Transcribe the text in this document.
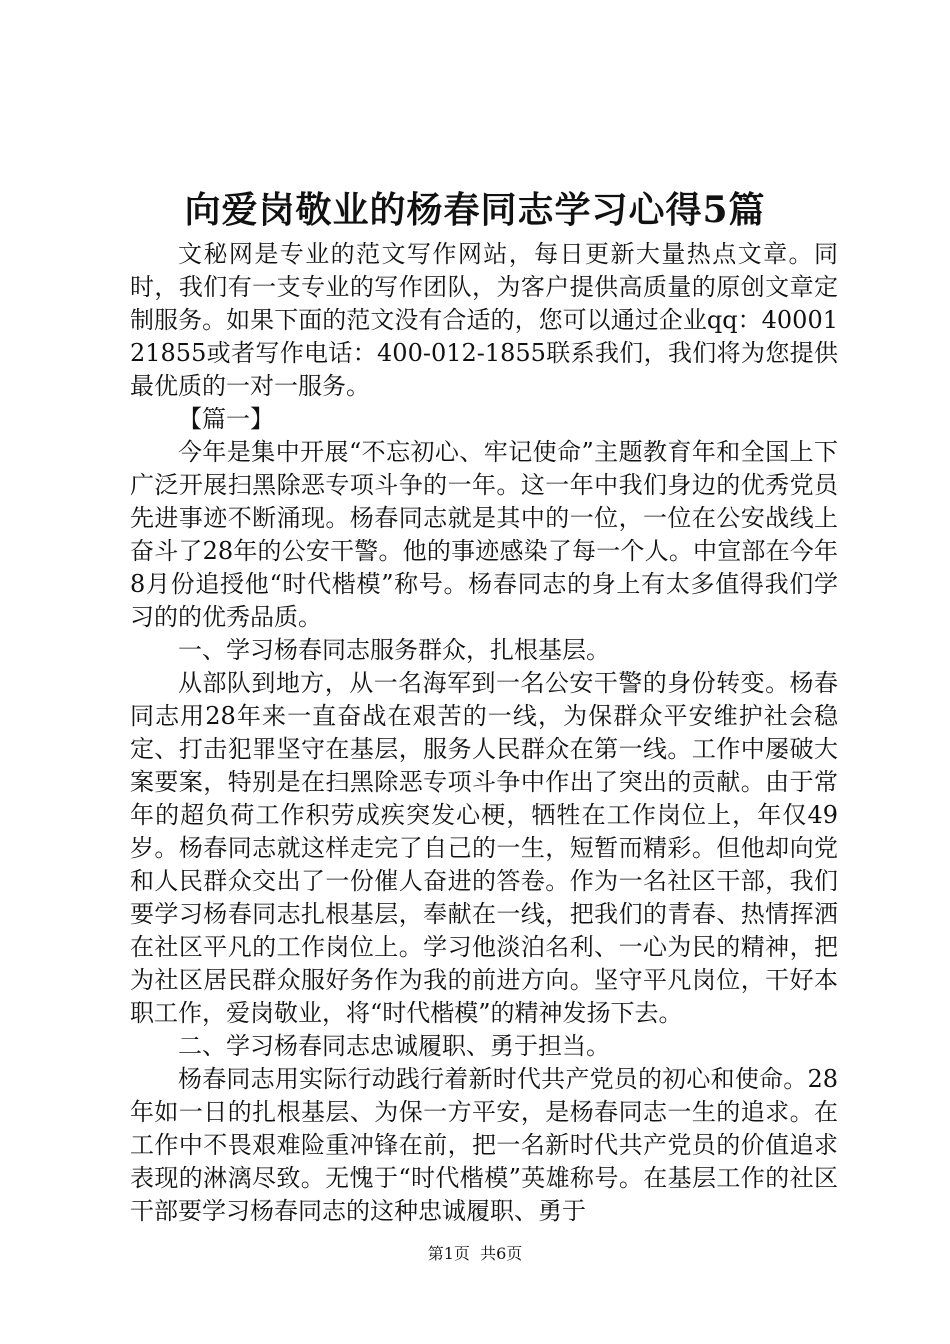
向爱岗敬业的杨春同志学习心得5篇

文秘网是专业的范文写作网站，每日更新大量热点文章。同时，我们有一支专业的写作团队，为客户提供高质量的原创文章定制服务。如果下面的范文没有合适的，您可以通过企业qq：4000121855或者写作电话：400-012-1855联系我们，我们将为您提供最优质的一对一服务。

【篇一】

今年是集中开展“不忘初心、牢记使命”主题教育年和全国上下广泛开展扫黑除恶专项斗争的一年。这一年中我们身边的优秀党员先进事迹不断涌现。杨春同志就是其中的一位，一位在公安战线上奋斗了28年的公安干警。他的事迹感染了每一个人。中宣部在今年8月份追授他“时代楷模”称号。杨春同志的身上有太多值得我们学习的的优秀品质。

一、学习杨春同志服务群众，扎根基层。

从部队到地方，从一名海军到一名公安干警的身份转变。杨春同志用28年来一直奋战在艰苦的一线，为保群众平安维护社会稳定、打击犯罪坚守在基层，服务人民群众在第一线。工作中屡破大案要案，特别是在扫黑除恶专项斗争中作出了突出的贡献。由于常年的超负荷工作积劳成疾突发心梗，牺牲在工作岗位上，年仅49岁。杨春同志就这样走完了自己的一生，短暂而精彩。但他却向党和人民群众交出了一份催人奋进的答卷。作为一名社区干部，我们要学习杨春同志扎根基层，奉献在一线，把我们的青春、热情挥洒在社区平凡的工作岗位上。学习他淡泊名利、一心为民的精神，把为社区居民群众服好务作为我的前进方向。坚守平凡岗位，干好本职工作，爱岗敬业，将“时代楷模”的精神发扬下去。

二、学习杨春同志忠诚履职、勇于担当。

杨春同志用实际行动践行着新时代共产党员的初心和使命。28年如一日的扎根基层、为保一方平安，是杨春同志一生的追求。在工作中不畏艰难险重冲锋在前，把一名新时代共产党员的价值追求表现的淋漓尽致。无愧于“时代楷模”英雄称号。在基层工作的社区干部要学习杨春同志的这种忠诚履职、勇于

第1页 共6页
